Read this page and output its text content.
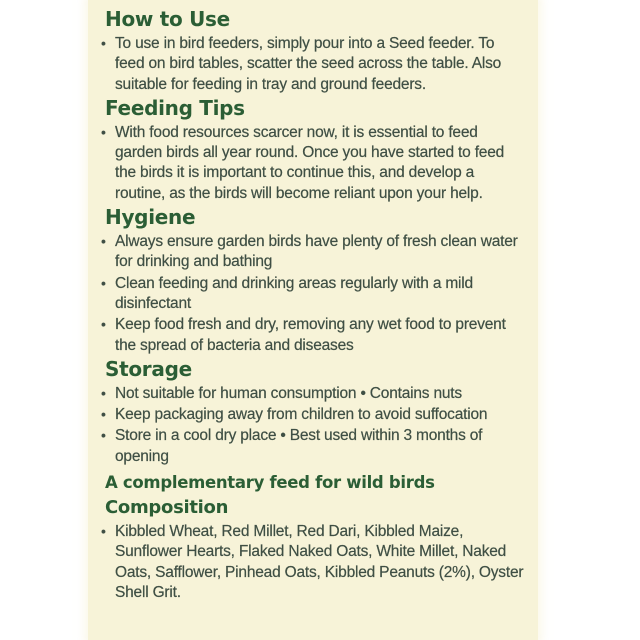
How to Use
• To use in bird feeders, simply pour into a Seed feeder. To feed on bird tables, scatter the seed across the table. Also suitable for feeding in tray and ground feeders.
Feeding Tips
• With food resources scarcer now, it is essential to feed garden birds all year round. Once you have started to feed the birds it is important to continue this, and develop a routine, as the birds will become reliant upon your help.
Hygiene
• Always ensure garden birds have plenty of fresh clean water for drinking and bathing
• Clean feeding and drinking areas regularly with a mild disinfectant
• Keep food fresh and dry, removing any wet food to prevent the spread of bacteria and diseases
Storage
• Not suitable for human consumption • Contains nuts
• Keep packaging away from children to avoid suffocation
• Store in a cool dry place • Best used within 3 months of opening
A complementary feed for wild birds
Composition
• Kibbled Wheat, Red Millet, Red Dari, Kibbled Maize, Sunflower Hearts, Flaked Naked Oats, White Millet, Naked Oats, Safflower, Pinhead Oats, Kibbled Peanuts (2%), Oyster Shell Grit.
